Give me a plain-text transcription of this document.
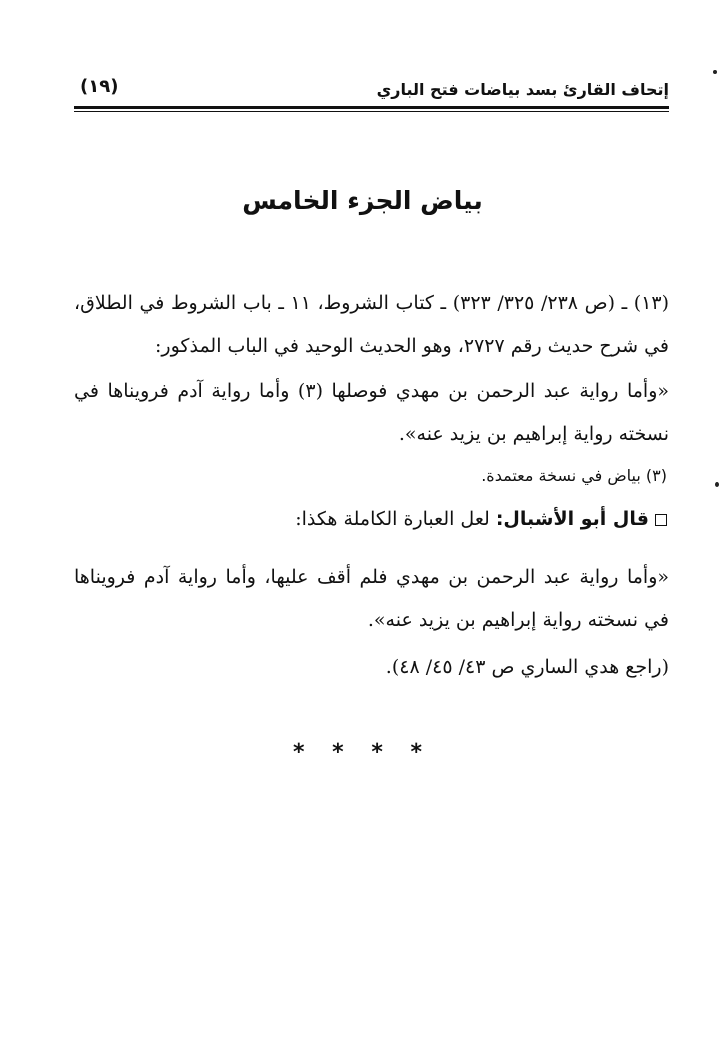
إتحاف القارئ بسد بياضات فتح الباري
(١٩)
بياض الجزء الخامس
(١٣) ـ (ص ٢٣٨/ ٣٢٥/ ٣٢٣) ـ كتاب الشروط، ١١ ـ باب الشروط في الطلاق، في شرح حديث رقم ٢٧٢٧، وهو الحديث الوحيد في الباب المذكور:
«وأما رواية عبد الرحمن بن مهدي فوصلها (٣) وأما رواية آدم فرويناها في نسخته رواية إبراهيم بن يزيد عنه».
(٣) بياض في نسخة معتمدة.
قال أبو الأشبال: لعل العبارة الكاملة هكذا:
«وأما رواية عبد الرحمن بن مهدي فلم أقف عليها، وأما رواية آدم فرويناها في نسخته رواية إبراهيم بن يزيد عنه».
(راجع هدي الساري ص ٤٣/ ٤٥/ ٤٨).
* * * *
